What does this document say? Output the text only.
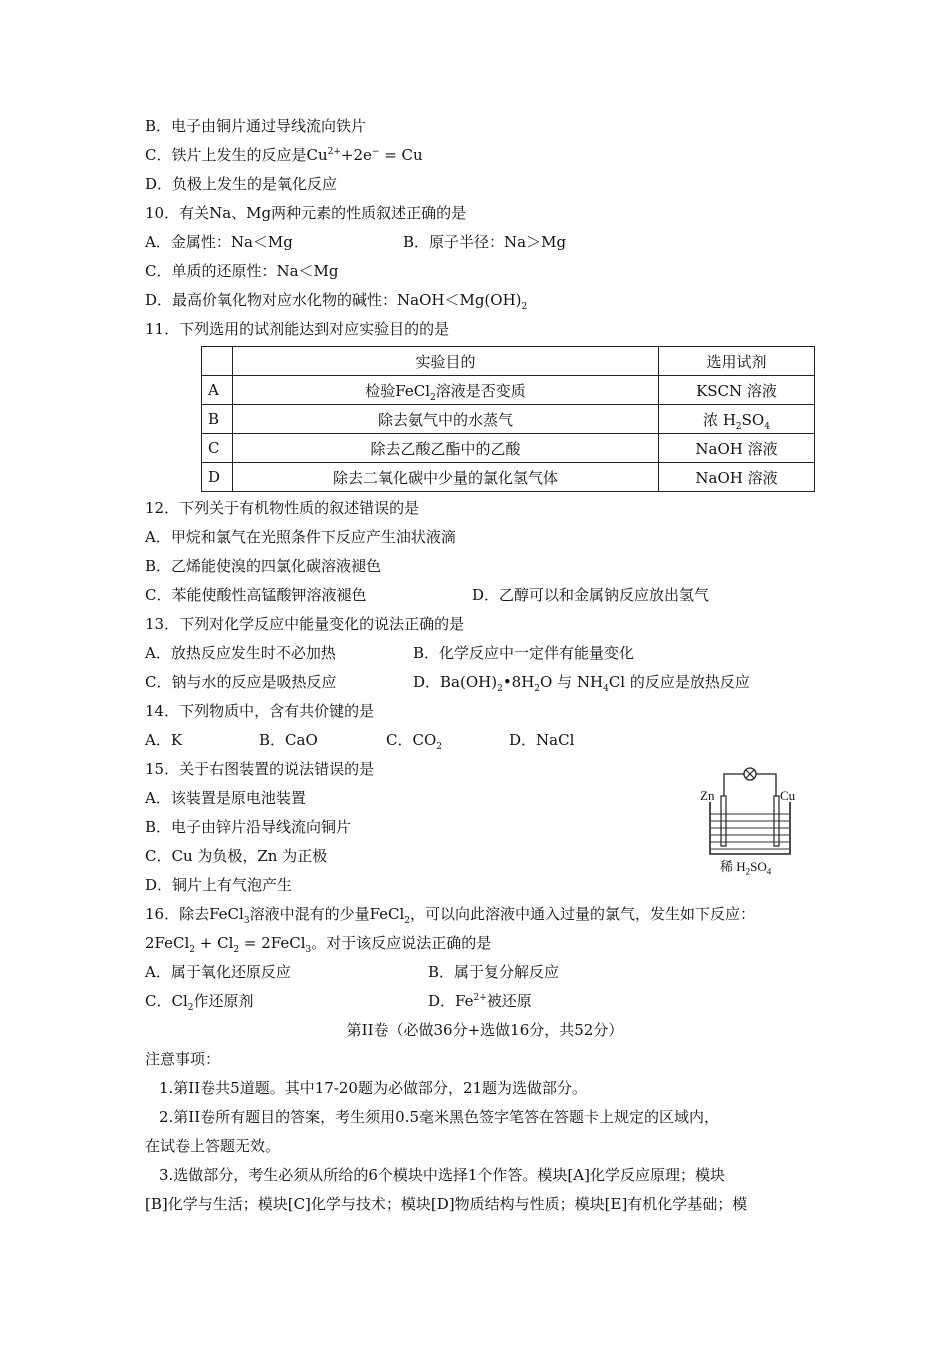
B．电子由铜片通过导线流向铁片
C．铁片上发生的反应是$Cu^{2+}+2e^- = Cu$
D．负极上发生的是氧化反应
10．有关Na、Mg两种元素的性质叙述正确的是
A．金属性：Na＜Mg	B．原子半径：Na＞Mg
C．单质的还原性：Na＜Mg
D．最高价氧化物对应水化物的碱性：$NaOH<Mg(OH)_2$
11．下列选用的试剂能达到对应实验目的的是
	实验目的	选用试剂
A	检验FeCl$_2$溶液是否变质	KSCN 溶液
B	除去氨气中的水蒸气	浓 $H_2SO_4$
C	除去乙酸乙酯中的乙酸	NaOH 溶液
D	除去二氧化碳中少量的氯化氢气体	NaOH 溶液
12．下列关于有机物性质的叙述错误的是
A．甲烷和氯气在光照条件下反应产生油状液滴
B．乙烯能使溴的四氯化碳溶液褪色
C．苯能使酸性高锰酸钾溶液褪色	D．乙醇可以和金属钠反应放出氢气
13．下列对化学反应中能量变化的说法正确的是
A．放热反应发生时不必加热	B．化学反应中一定伴有能量变化
C．钠与水的反应是吸热反应	D．$Ba(OH)_2•8H_2O$ 与 $NH_4Cl$ 的反应是放热反应
14．下列物质中，含有共价键的是
A．K	B．CaO	C．$CO_2$	D．NaCl
15．关于右图装置的说法错误的是
A．该装置是原电池装置
B．电子由锌片沿导线流向铜片
C．Cu 为负极，Zn 为正极
D．铜片上有气泡产生
16．除去FeCl$_3$溶液中混有的少量FeCl$_2$，可以向此溶液中通入过量的氯气，发生如下反应：
2FeCl$_2$ + $Cl_2$ = 2FeCl$_3$。对于该反应说法正确的是
A．属于氧化还原反应	B．属于复分解反应
C．$Cl_2$作还原剂	D．$Fe^{2+}$被还原
第II卷（必做36分+选做16分，共52分）
注意事项：
1.第II卷共5道题。其中17-20题为必做部分，21题为选做部分。
2.第II卷所有题目的答案，考生须用0.5毫米黑色签字笔答在答题卡上规定的区域内，
在试卷上答题无效。
3.选做部分，考生必须从所给的6个模块中选择1个作答。模块[A]化学反应原理；模块
[B]化学与生活；模块[C]化学与技术；模块[D]物质结构与性质；模块[E]有机化学基础；模
Zn	Cu
稀 $H_2SO_4$
